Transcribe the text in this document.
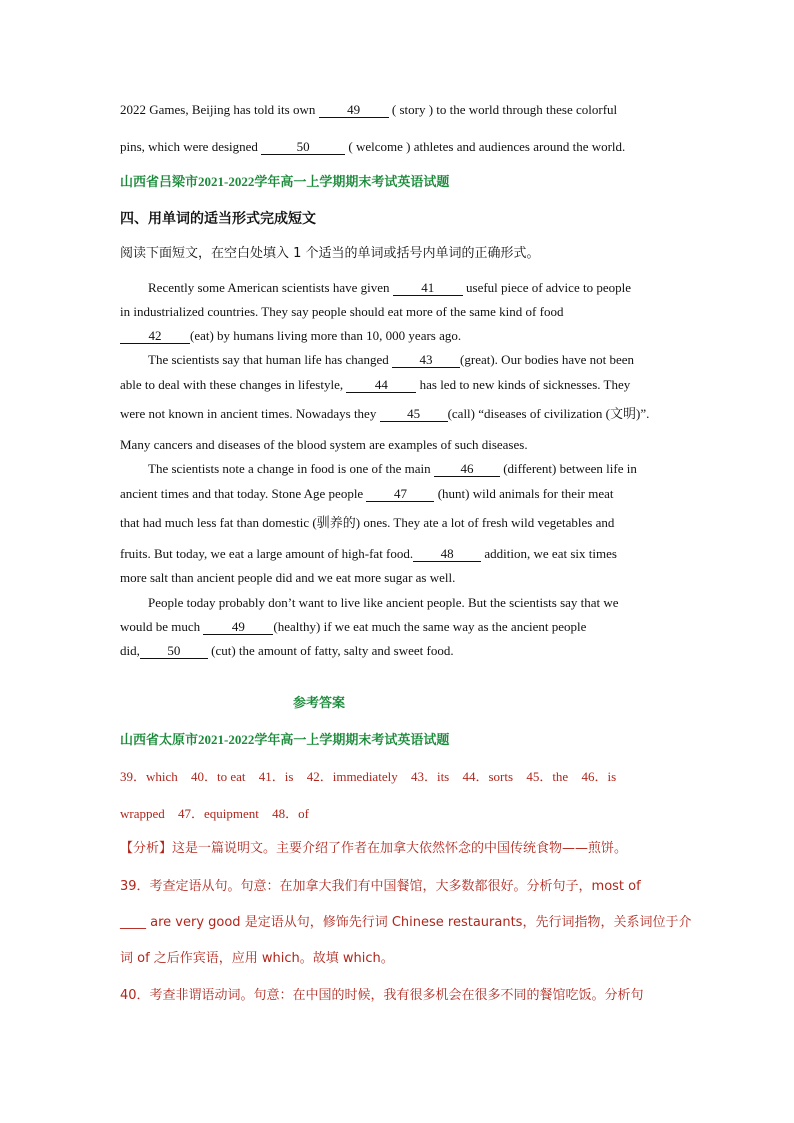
2022 Games, Beijing has told its own 49 ( story ) to the world through these colorful
pins, which were designed	50	( welcome ) athletes and audiences around the world.
山西省吕梁市2021-2022学年高一上学期期末考试英语试题
四、用单词的适当形式完成短文
阅读下面短文，在空白处填入 1 个适当的单词或括号内单词的正确形式。
Recently some American scientists have given 41 useful piece of advice to people
in industrialized countries. They say people should eat more of the same kind of food
42 (eat) by humans living more than 10, 000 years ago.
The scientists say that human life has changed 43 (great). Our bodies have not been
able to deal with these changes in lifestyle, 44 has led to new kinds of sicknesses. They
were not known in ancient times. Nowadays they 45 (call) “diseases of civilization (文明)”.
Many cancers and diseases of the blood system are examples of such diseases.
The scientists note a change in food is one of the main 46 (different) between life in
ancient times and that today. Stone Age people 47 (hunt) wild animals for their meat
that had much less fat than domestic (驯养的) ones. They ate a lot of fresh wild vegetables and
fruits. But today, we eat a large amount of high-fat food. 48 addition, we eat six times
more salt than ancient people did and we eat more sugar as well.
People today probably don’t want to live like ancient people. But the scientists say that we
would be much 49 (healthy) if we eat much the same way as the ancient people
did, 50 (cut) the amount of fatty, salty and sweet food.
参考答案
山西省太原市2021-2022学年高一上学期期末考试英语试题
39．which 40．to eat 41．is 42．immediately 43．its 44．sorts 45．the 46．is
wrapped 47．equipment 48．of
【分析】这是一篇说明文。主要介绍了作者在加拿大依然怀念的中国传统食物——煎饼。
39．考查定语从句。句意：在加拿大我们有中国餐馆，大多数都很好。分析句子，most of
____ are very good 是定语从句，修饰先行词 Chinese restaurants，先行词指物，关系词位于介
词 of 之后作宾语，应用 which。故填 which。
40．考查非谓语动词。句意：在中国的时候，我有很多机会在很多不同的餐馆吃饭。分析句
